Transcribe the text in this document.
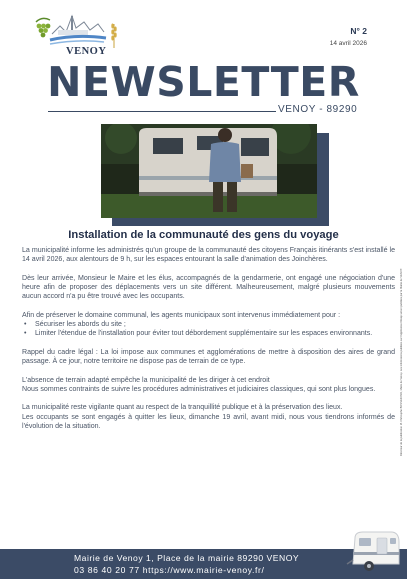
VENOY
N° 2
14 avril 2026
NEWSLETTER
VENOY - 89290
Installation de la communauté des gens du voyage

La municipalité informe les administrés qu'un groupe de la communauté des citoyens Français itinérants s'est installé le 14 avril 2026, aux alentours de 9 h, sur les espaces entourant la salle d'animation des Joinchères.

Dès leur arrivée, Monsieur le Maire et les élus, accompagnés de la gendarmerie, ont engagé une négociation d'une heure afin de proposer des déplacements vers un site différent. Malheureusement, malgré plusieurs mouvements aucun accord n'a pu être trouvé avec les occupants.

Afin de préserver le domaine communal, les agents municipaux sont intervenus immédiatement pour :

• Sécuriser les abords du site ;
• Limiter l'étendue de l'installation pour éviter tout débordement supplémentaire sur les espaces environnants.

Rappel du cadre légal : La loi impose aux communes et agglomérations de mettre à disposition des aires de grand passage. À ce jour, notre territoire ne dispose pas de terrain de ce type.

L'absence de terrain adapté empêche la municipalité de les diriger à cet endroit

Nous sommes contraints de suivre les procédures administratives et judiciaires classiques, qui sont plus longues.

La municipalité reste vigilante quant au respect de la tranquillité publique et à la préservation des lieux.

Les occupants se sont engagés à quitter les lieux, dimanche 19 avril, avant midi, nous vous tiendrons informés de l'évolution de la situation.	Directeur de la publication M. Christophe BONNEFOND, Maire de Venoy. Les informations publiées sur l'application Illiwap seront publiées par la Mairie de VENOY.
Mairie de Venoy 1, Place de la mairie 89290 VENOY
03 86 40 20 77 https://www.mairie-venoy.fr/
